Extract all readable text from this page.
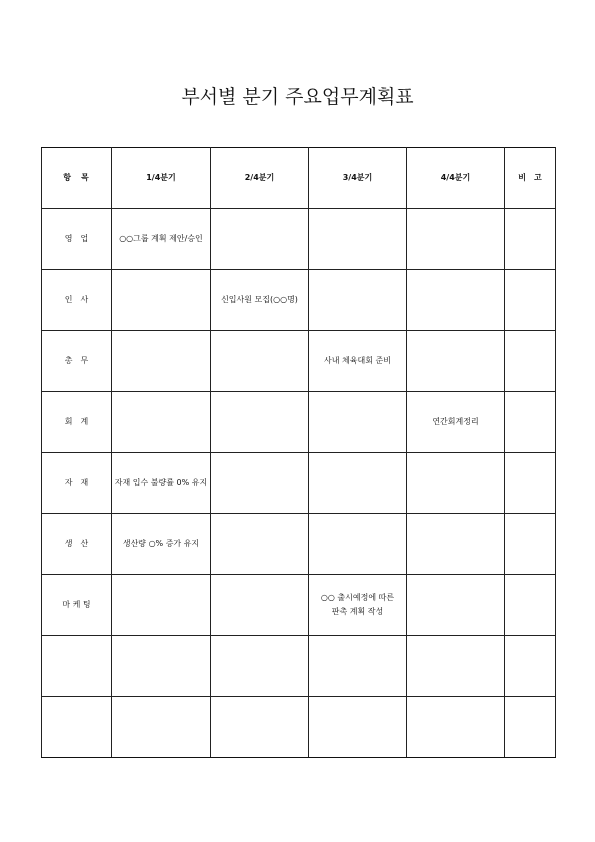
부서별 분기 주요업무계획표
항　목	1/4분기	2/4분기	3/4분기	4/4분기	비　고
영　업	○○그룹 계획 제안/승인				
인　사		신입사원 모집(○○명)			
총　무			사내 체육대회 준비		
회　계				연간회계정리	
자　재	자재 입수 불량률 0% 유지				
생　산	생산량 ○% 증가 유지				
마 케 팅			○○ 출시예정에 따른
판촉 계획 작성		
